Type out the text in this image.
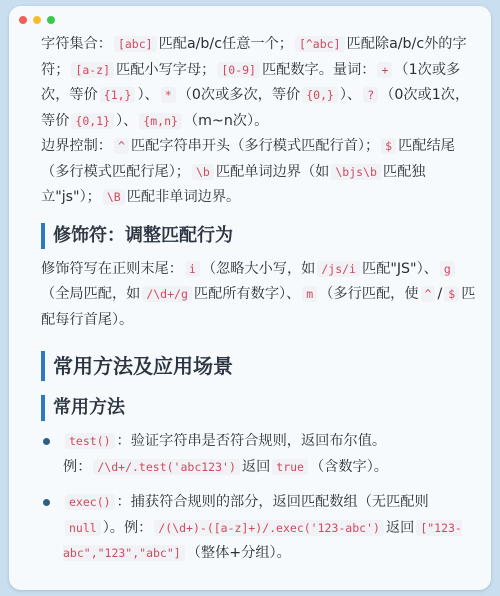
字符集合： [abc] 匹配a/b/c任意一个； [^abc] 匹配除a/b/c外的字符； [a-z] 匹配小写字母； [0-9] 匹配数字。量词： + （1次或多次，等价 {1,} ）、 * （0次或多次，等价 {0,} ）、 ? （0次或1次，等价 {0,1} ）、 {m,n} （m~n次）。

边界控制： ^ 匹配字符串开头（多行模式匹配行首）； $ 匹配结尾（多行模式匹配行尾）； \b 匹配单词边界（如 \bjs\b 匹配独立"js"）； \B 匹配非单词边界。

修饰符：调整匹配行为

修饰符写在正则末尾： i （忽略大小写，如 /js/i 匹配"JS"）、 g（全局匹配，如 /\d+/g 匹配所有数字）、 m （多行匹配，使 ^ / $ 匹配每行首尾）。

常用方法及应用场景
常用方法
test() ：验证字符串是否符合规则，返回布尔值。例： /\d+/.test('abc123') 返回 true （含数字）。
exec() ：捕获符合规则的部分，返回匹配数组（无匹配则null ）。例： /(\d+)-([a-z]+)/.exec('123-abc') 返回 ["123-abc","123","abc"] （整体+分组）。
